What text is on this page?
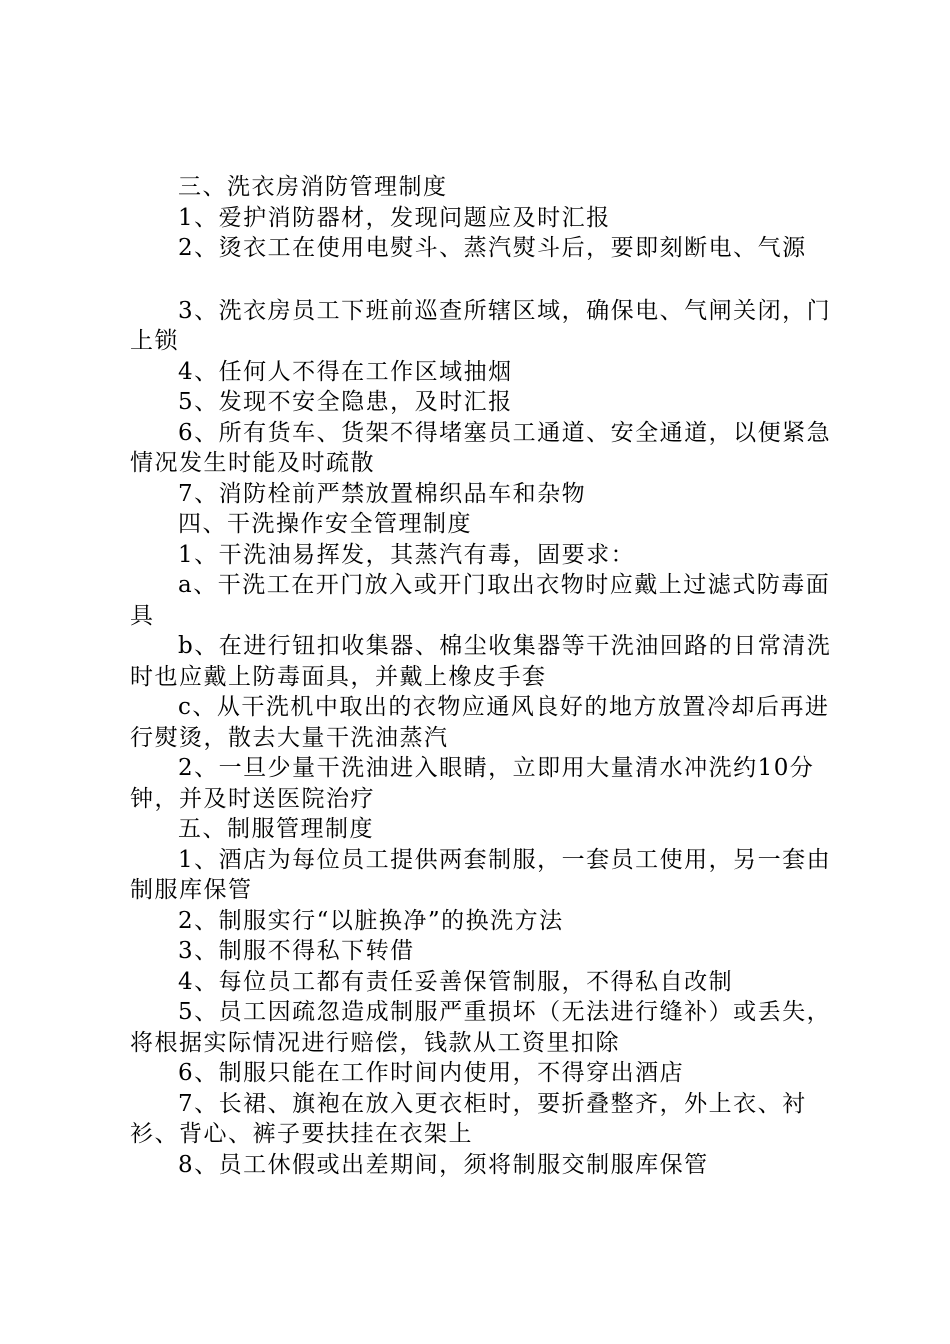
三、洗衣房消防管理制度

1、爱护消防器材，发现问题应及时汇报

2、烫衣工在使用电熨斗、蒸汽熨斗后，要即刻断电、气源

3、洗衣房员工下班前巡查所辖区域，确保电、气闸关闭，门上锁

4、任何人不得在工作区域抽烟

5、发现不安全隐患，及时汇报

6、所有货车、货架不得堵塞员工通道、安全通道，以便紧急情况发生时能及时疏散

7、消防栓前严禁放置棉织品车和杂物

四、干洗操作安全管理制度

1、干洗油易挥发，其蒸汽有毒，固要求：

a、干洗工在开门放入或开门取出衣物时应戴上过滤式防毒面具

b、在进行钮扣收集器、棉尘收集器等干洗油回路的日常清洗时也应戴上防毒面具，并戴上橡皮手套

c、从干洗机中取出的衣物应通风良好的地方放置冷却后再进行熨烫，散去大量干洗油蒸汽

2、一旦少量干洗油进入眼睛，立即用大量清水冲洗约10分钟，并及时送医院治疗

五、制服管理制度

1、酒店为每位员工提供两套制服，一套员工使用，另一套由制服库保管

2、制服实行“以脏换净”的换洗方法

3、制服不得私下转借

4、每位员工都有责任妥善保管制服，不得私自改制

5、员工因疏忽造成制服严重损坏（无法进行缝补）或丢失，将根据实际情况进行赔偿，钱款从工资里扣除

6、制服只能在工作时间内使用，不得穿出酒店

7、长裙、旗袍在放入更衣柜时，要折叠整齐，外上衣、衬衫、背心、裤子要扶挂在衣架上

8、员工休假或出差期间，须将制服交制服库保管
